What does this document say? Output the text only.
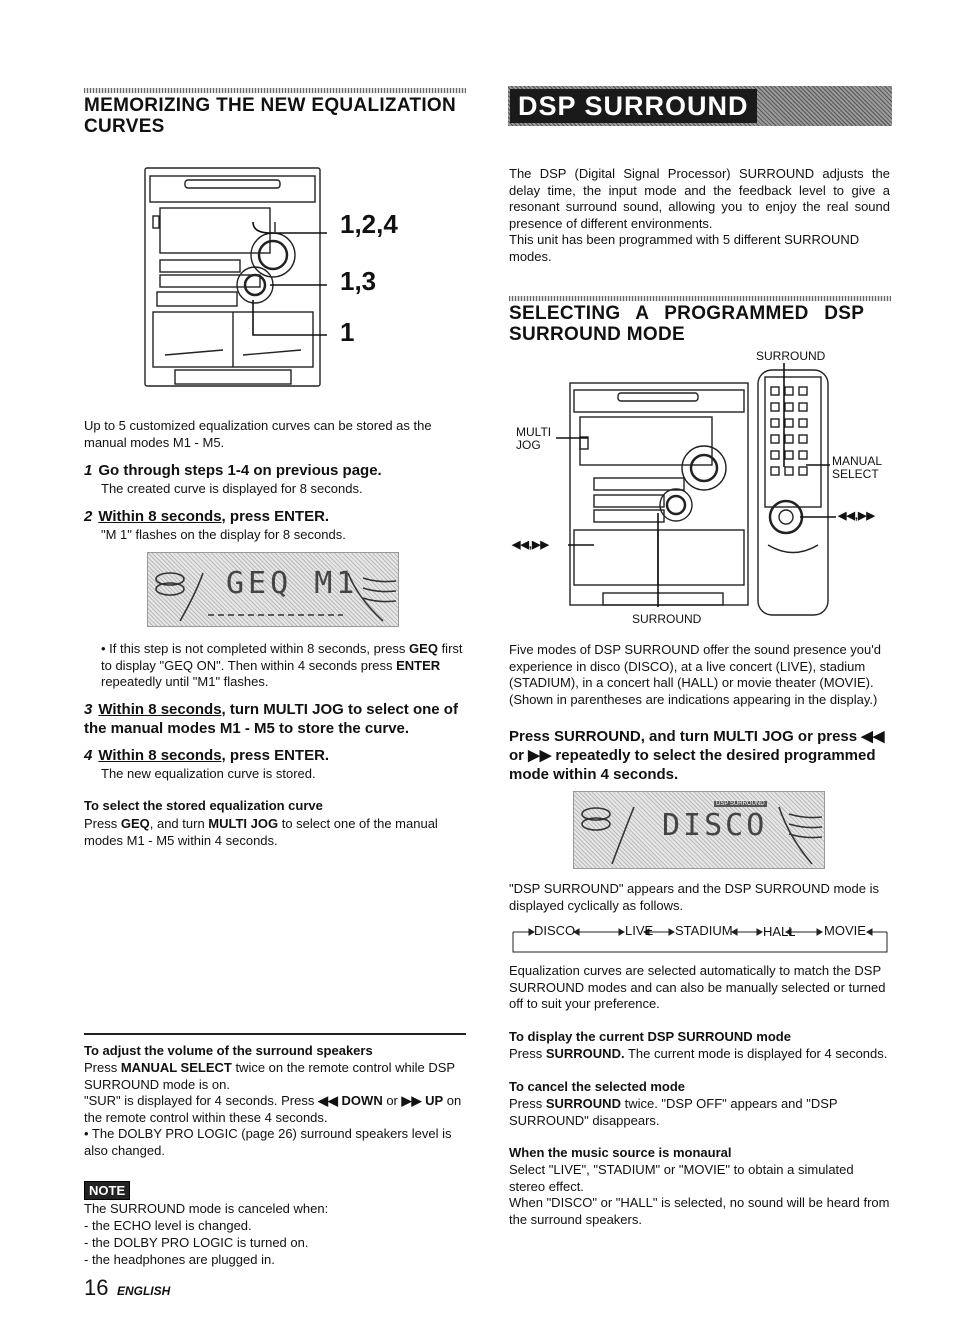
MEMORIZING THE NEW EQUALIZATION
CURVES
1,2,4
1,3
1

Up to 5 customized equalization curves can be stored as the manual modes M1 - M5.

1 Go through steps 1-4 on previous page.

The created curve is displayed for 8 seconds.

2 Within 8 seconds, press ENTER.

"M 1" flashes on the display for 8 seconds.

GEQ M1

• If this step is not completed within 8 seconds, press GEQ first to display "GEQ ON". Then within 4 seconds press ENTER repeatedly until "M1" flashes.

3 Within 8 seconds, turn MULTI JOG to select one of the manual modes M1 - M5 to store the curve.
4 Within 8 seconds, press ENTER.

The new equalization curve is stored.

To select the stored equalization curve

Press GEQ, and turn MULTI JOG to select one of the manual modes M1 - M5 within 4 seconds.

To adjust the volume of the surround speakers

Press MANUAL SELECT twice on the remote control while DSP SURROUND mode is on.

"SUR" is displayed for 4 seconds. Press ◀◀ DOWN or ▶▶ UP on the remote control within these 4 seconds.

• The DOLBY PRO LOGIC (page 26) surround speakers level is also changed.

NOTE

The SURROUND mode is canceled when:

- the ECHO level is changed.

- the DOLBY PRO LOGIC is turned on.

- the headphones are plugged in.

16 ENGLISH
DSP SURROUND

The DSP (Digital Signal Processor) SURROUND adjusts the delay time, the input mode and the feedback level to give a resonant surround sound, allowing you to enjoy the real sound presence of different environments.

This unit has been programmed with 5 different SURROUND modes.

SELECTING A PROGRAMMED DSP
SURROUND MODE
SURROUND
MULTI
JOG
MANUAL
SELECT
◀◀,▶▶
◀◀,▶▶
SURROUND

Five modes of DSP SURROUND offer the sound presence you'd experience in disco (DISCO), at a live concert (LIVE), stadium (STADIUM), in a concert hall (HALL) or movie theater (MOVIE). (Shown in parentheses are indications appearing in the display.)

Press SURROUND, and turn MULTI JOG or press ◀◀ or ▶▶ repeatedly to select the desired programmed mode within 4 seconds.
DSP SURROUND
DISCO

"DSP SURROUND" appears and the DSP SURROUND mode is displayed cyclically as follows.

DISCO	LIVE STADIUM HALL MOVIE

Equalization curves are selected automatically to match the DSP SURROUND modes and can also be manually selected or turned off to suit your preference.

To display the current DSP SURROUND mode

Press SURROUND. The current mode is displayed for 4 seconds.

To cancel the selected mode

Press SURROUND twice. "DSP OFF" appears and "DSP SURROUND" disappears.

When the music source is monaural

Select "LIVE", "STADIUM" or "MOVIE" to obtain a simulated stereo effect.

When "DISCO" or "HALL" is selected, no sound will be heard from the surround speakers.
